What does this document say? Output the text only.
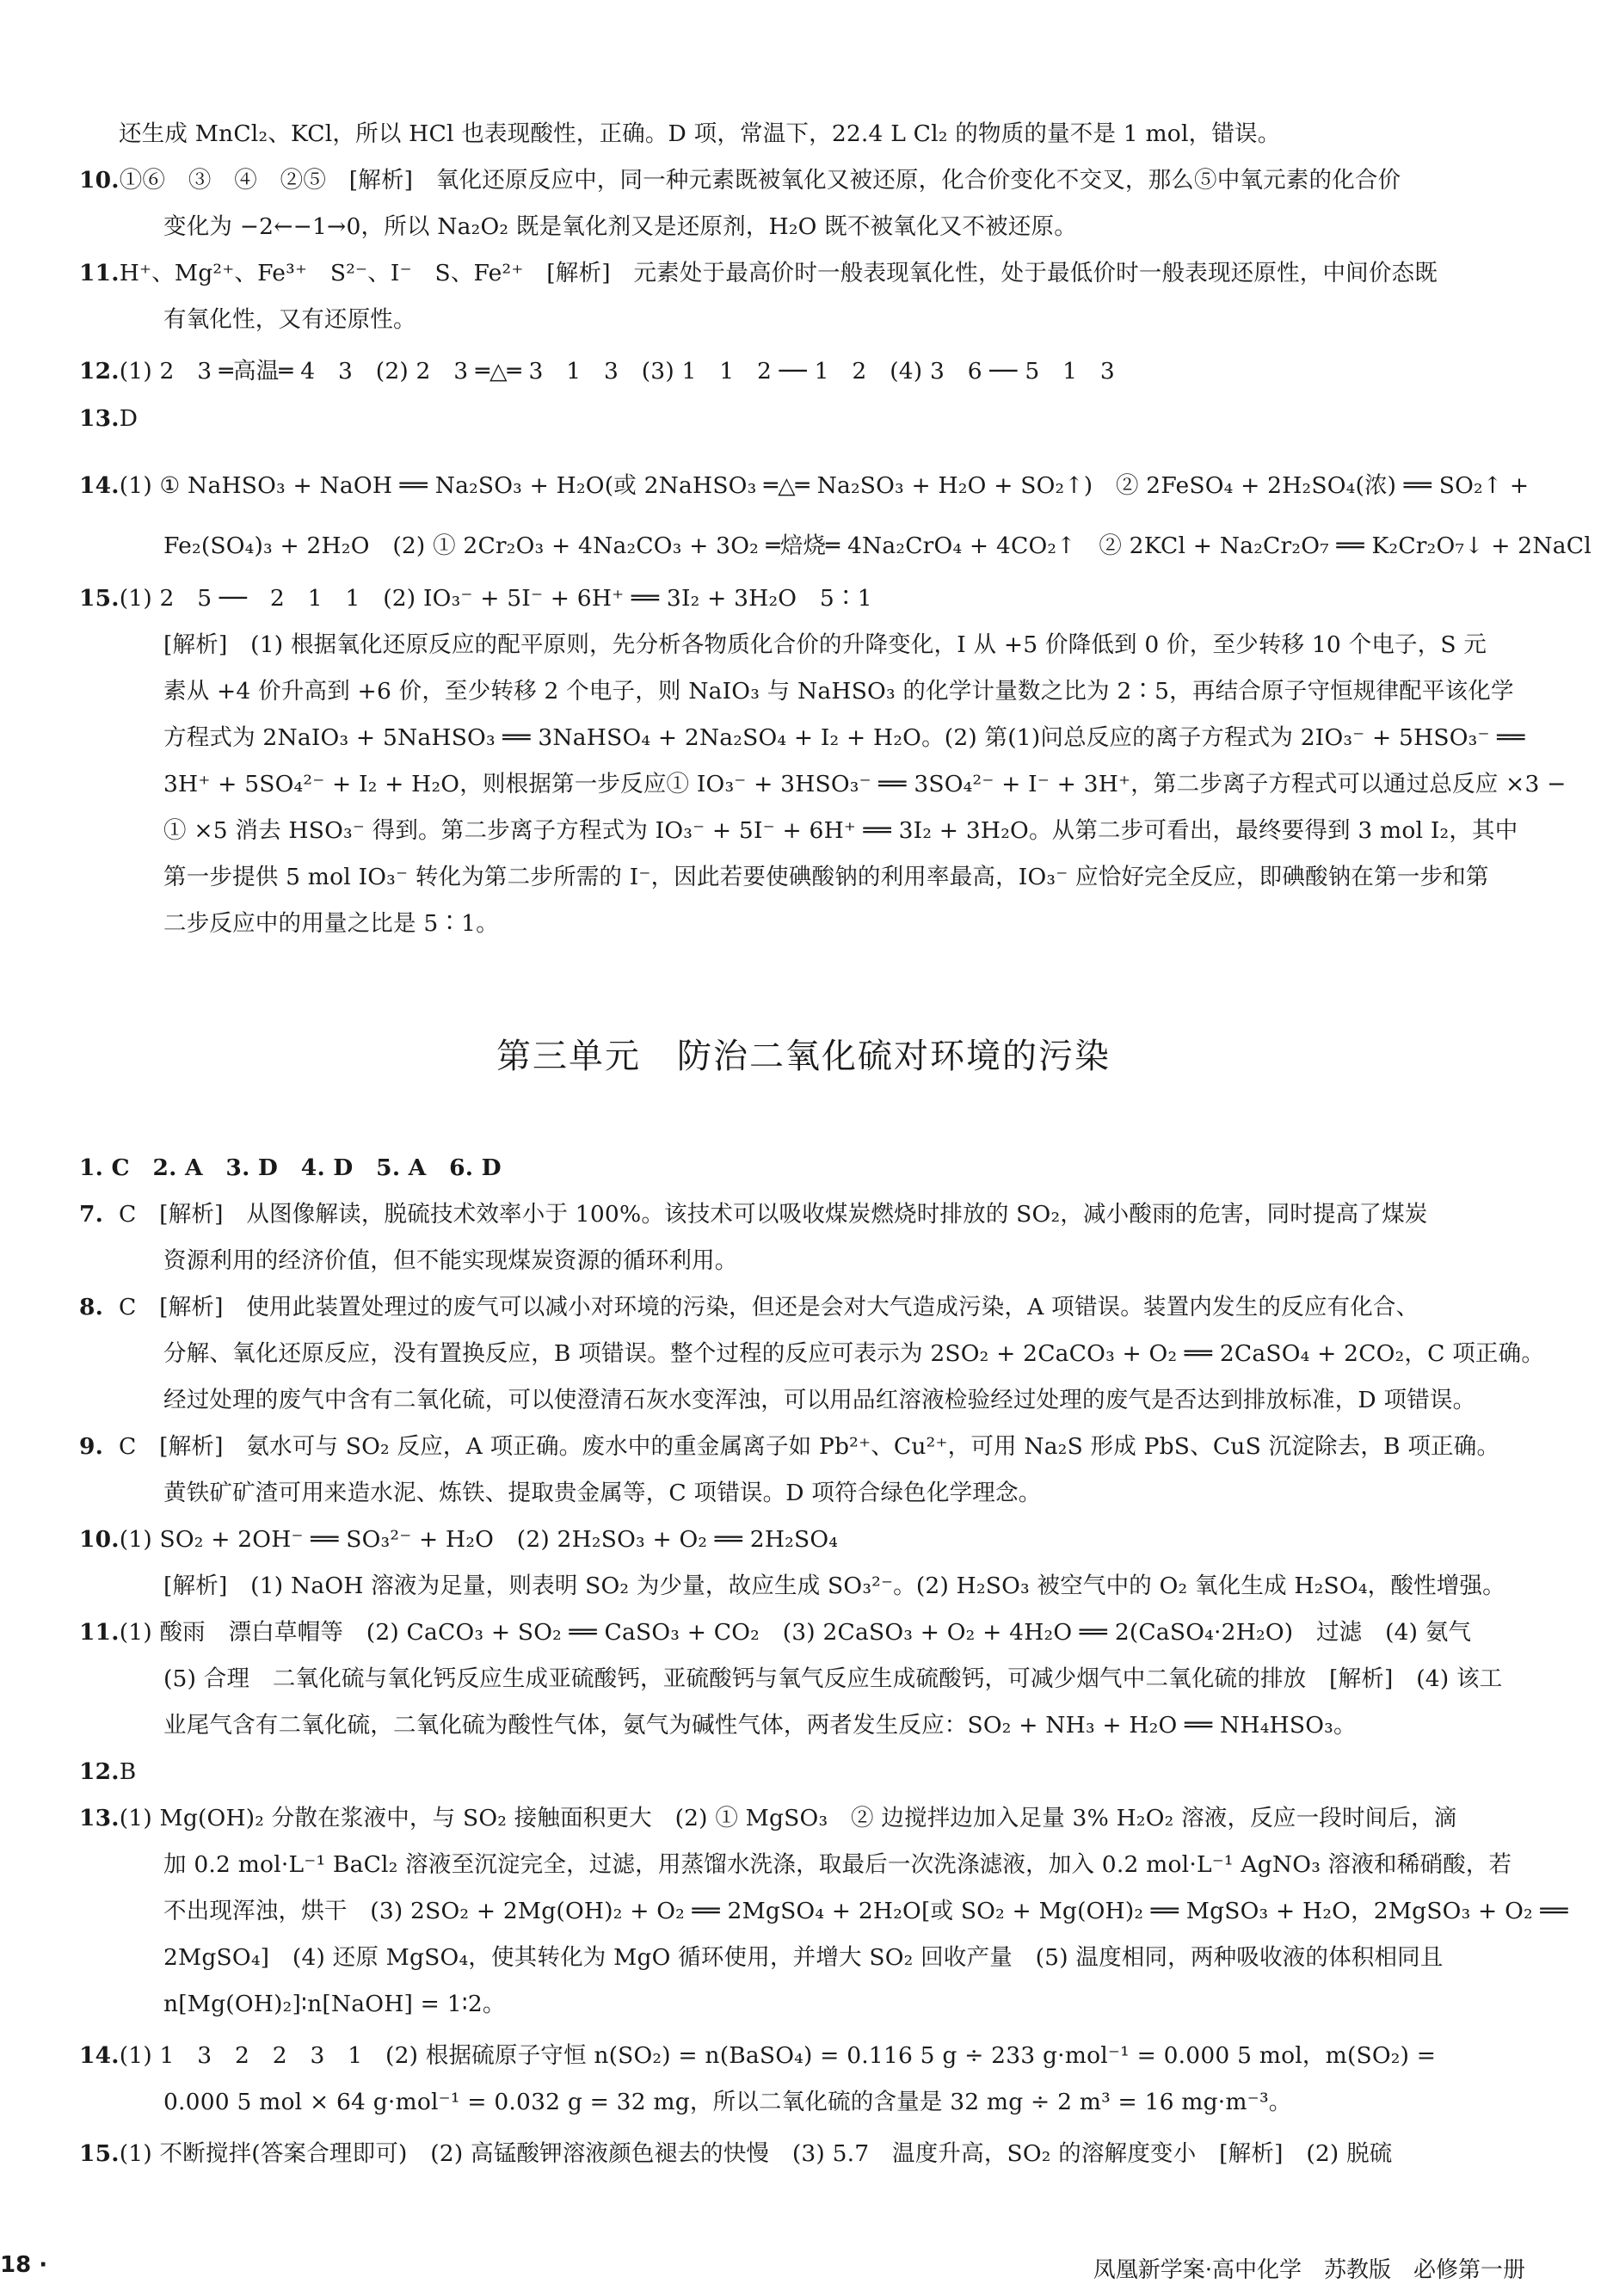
还生成 MnCl₂、KCl，所以 HCl 也表现酸性，正确。D 项，常温下，22.4 L Cl₂ 的物质的量不是 1 mol，错误。
10.①⑥　③　④　②⑤　[解析]　氧化还原反应中，同一种元素既被氧化又被还原，化合价变化不交叉，那么⑤中氧元素的化合价
变化为 −2←−1→0，所以 Na₂O₂ 既是氧化剂又是还原剂，H₂O 既不被氧化又不被还原。
11.H⁺、Mg²⁺、Fe³⁺　S²⁻、I⁻　S、Fe²⁺　[解析]　元素处于最高价时一般表现氧化性，处于最低价时一般表现还原性，中间价态既
有氧化性，又有还原性。
12.(1) 2　3 ═高温═ 4　3　(2) 2　3 ═△═ 3　1　3　(3) 1　1　2 ── 1　2　(4) 3　6 ── 5　1　3
13.D
14.(1) ① NaHSO₃ + NaOH ══ Na₂SO₃ + H₂O(或 2NaHSO₃ ═△═ Na₂SO₃ + H₂O + SO₂↑)　② 2FeSO₄ + 2H₂SO₄(浓) ══ SO₂↑ +
Fe₂(SO₄)₃ + 2H₂O　(2) ① 2Cr₂O₃ + 4Na₂CO₃ + 3O₂ ═焙烧═ 4Na₂CrO₄ + 4CO₂↑　② 2KCl + Na₂Cr₂O₇ ══ K₂Cr₂O₇↓ + 2NaCl
15.(1) 2　5 ──　2　1　1　(2) IO₃⁻ + 5I⁻ + 6H⁺ ══ 3I₂ + 3H₂O　5∶1
[解析]　(1) 根据氧化还原反应的配平原则，先分析各物质化合价的升降变化，I 从 +5 价降低到 0 价，至少转移 10 个电子，S 元
素从 +4 价升高到 +6 价，至少转移 2 个电子，则 NaIO₃ 与 NaHSO₃ 的化学计量数之比为 2∶5，再结合原子守恒规律配平该化学
方程式为 2NaIO₃ + 5NaHSO₃ ══ 3NaHSO₄ + 2Na₂SO₄ + I₂ + H₂O。(2) 第(1)问总反应的离子方程式为 2IO₃⁻ + 5HSO₃⁻ ══
3H⁺ + 5SO₄²⁻ + I₂ + H₂O，则根据第一步反应① IO₃⁻ + 3HSO₃⁻ ══ 3SO₄²⁻ + I⁻ + 3H⁺，第二步离子方程式可以通过总反应 ×3 −
① ×5 消去 HSO₃⁻ 得到。第二步离子方程式为 IO₃⁻ + 5I⁻ + 6H⁺ ══ 3I₂ + 3H₂O。从第二步可看出，最终要得到 3 mol I₂，其中
第一步提供 5 mol IO₃⁻ 转化为第二步所需的 I⁻，因此若要使碘酸钠的利用率最高，IO₃⁻ 应恰好完全反应，即碘酸钠在第一步和第
二步反应中的用量之比是 5∶1。
1. C　2. A　3. D　4. D　5. A　6. D
7. C　[解析]　从图像解读，脱硫技术效率小于 100%。该技术可以吸收煤炭燃烧时排放的 SO₂，减小酸雨的危害，同时提高了煤炭
资源利用的经济价值，但不能实现煤炭资源的循环利用。
8. C　[解析]　使用此装置处理过的废气可以减小对环境的污染，但还是会对大气造成污染，A 项错误。装置内发生的反应有化合、
分解、氧化还原反应，没有置换反应，B 项错误。整个过程的反应可表示为 2SO₂ + 2CaCO₃ + O₂ ══ 2CaSO₄ + 2CO₂，C 项正确。
经过处理的废气中含有二氧化硫，可以使澄清石灰水变浑浊，可以用品红溶液检验经过处理的废气是否达到排放标准，D 项错误。
9. C　[解析]　氨水可与 SO₂ 反应，A 项正确。废水中的重金属离子如 Pb²⁺、Cu²⁺，可用 Na₂S 形成 PbS、CuS 沉淀除去，B 项正确。
黄铁矿矿渣可用来造水泥、炼铁、提取贵金属等，C 项错误。D 项符合绿色化学理念。
10.(1) SO₂ + 2OH⁻ ══ SO₃²⁻ + H₂O　(2) 2H₂SO₃ + O₂ ══ 2H₂SO₄
[解析]　(1) NaOH 溶液为足量，则表明 SO₂ 为少量，故应生成 SO₃²⁻。(2) H₂SO₃ 被空气中的 O₂ 氧化生成 H₂SO₄，酸性增强。
11.(1) 酸雨　漂白草帽等　(2) CaCO₃ + SO₂ ══ CaSO₃ + CO₂　(3) 2CaSO₃ + O₂ + 4H₂O ══ 2(CaSO₄·2H₂O)　过滤　(4) 氨气
(5) 合理　二氧化硫与氧化钙反应生成亚硫酸钙，亚硫酸钙与氧气反应生成硫酸钙，可减少烟气中二氧化硫的排放　[解析]　(4) 该工
业尾气含有二氧化硫，二氧化硫为酸性气体，氨气为碱性气体，两者发生反应：SO₂ + NH₃ + H₂O ══ NH₄HSO₃。
12.B
13.(1) Mg(OH)₂ 分散在浆液中，与 SO₂ 接触面积更大　(2) ① MgSO₃　② 边搅拌边加入足量 3% H₂O₂ 溶液，反应一段时间后，滴
加 0.2 mol·L⁻¹ BaCl₂ 溶液至沉淀完全，过滤，用蒸馏水洗涤，取最后一次洗涤滤液，加入 0.2 mol·L⁻¹ AgNO₃ 溶液和稀硝酸，若
不出现浑浊，烘干　(3) 2SO₂ + 2Mg(OH)₂ + O₂ ══ 2MgSO₄ + 2H₂O[或 SO₂ + Mg(OH)₂ ══ MgSO₃ + H₂O，2MgSO₃ + O₂ ══
2MgSO₄]　(4) 还原 MgSO₄，使其转化为 MgO 循环使用，并增大 SO₂ 回收产量　(5) 温度相同，两种吸收液的体积相同且
n[Mg(OH)₂]∶n[NaOH] = 1∶2。
14.(1) 1　3　2　2　3　1　(2) 根据硫原子守恒 n(SO₂) = n(BaSO₄) = 0.116 5 g ÷ 233 g·mol⁻¹ = 0.000 5 mol，m(SO₂) =
0.000 5 mol × 64 g·mol⁻¹ = 0.032 g = 32 mg，所以二氧化硫的含量是 32 mg ÷ 2 m³ = 16 mg·m⁻³。
15.(1) 不断搅拌(答案合理即可)　(2) 高锰酸钾溶液颜色褪去的快慢　(3) 5.7　温度升高，SO₂ 的溶解度变小　[解析]　(2) 脱硫
第三单元　防治二氧化硫对环境的污染
18 ·	凤凰新学案·高中化学　苏教版　必修第一册
